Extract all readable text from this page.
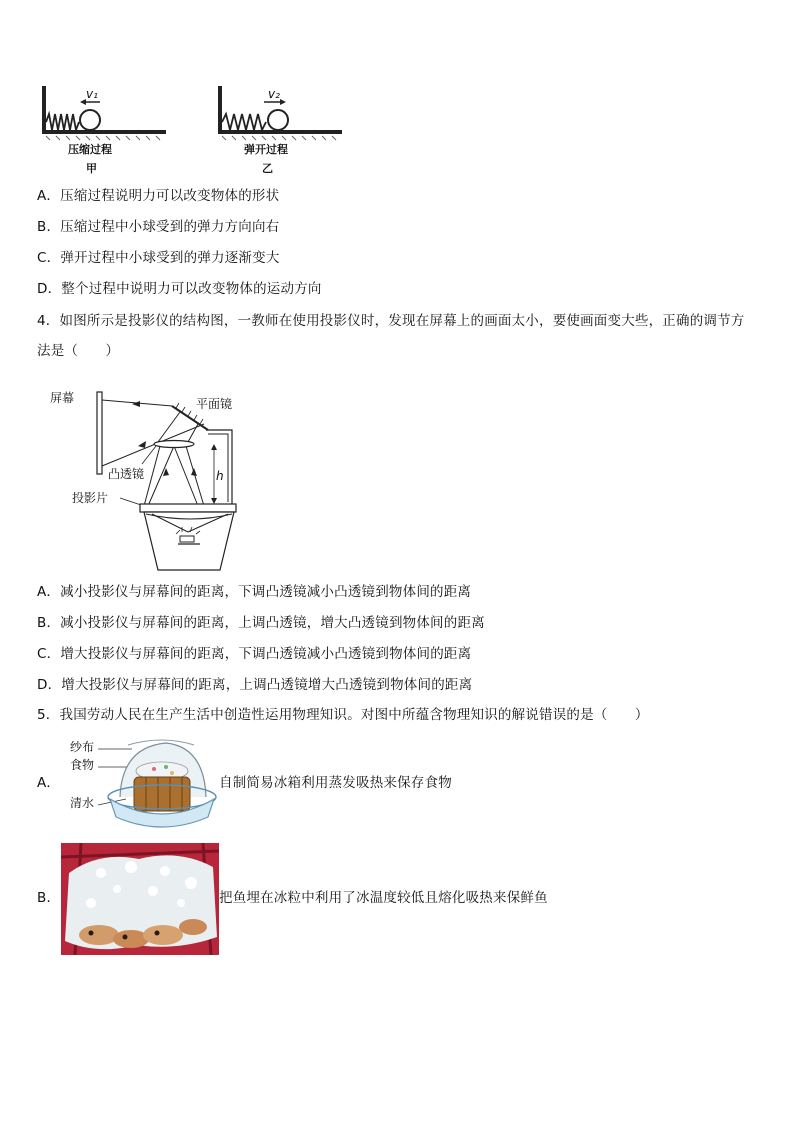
v₁
压缩过程
甲
v₂
弹开过程
乙
A．压缩过程说明力可以改变物体的形状
B．压缩过程中小球受到的弹力方向向右
C．弹开过程中小球受到的弹力逐渐变大
D．整个过程中说明力可以改变物体的运动方向
4．如图所示是投影仪的结构图，一教师在使用投影仪时，发现在屏幕上的画面太小，要使画面变大些，正确的调节方
法是（　　）
屏幕	平面镜
凸透镜	h
投影片
A．减小投影仪与屏幕间的距离，下调凸透镜减小凸透镜到物体间的距离
B．减小投影仪与屏幕间的距离，上调凸透镜，增大凸透镜到物体间的距离
C．增大投影仪与屏幕间的距离，下调凸透镜减小凸透镜到物体间的距离
D．增大投影仪与屏幕间的距离，上调凸透镜增大凸透镜到物体间的距离
5．我国劳动人民在生产生活中创造性运用物理知识。对图中所蕴含物理知识的解说错误的是（　　）
A．
纱布
食物
清水
自制简易冰箱利用蒸发吸热来保存食物
B．	把鱼埋在冰粒中利用了冰温度较低且熔化吸热来保鲜鱼
